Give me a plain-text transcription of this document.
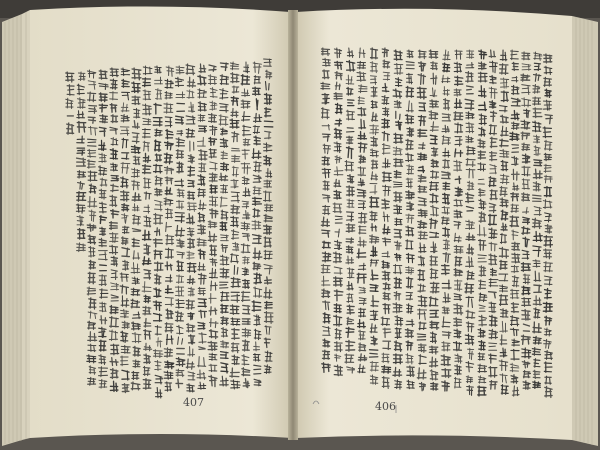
407	406
